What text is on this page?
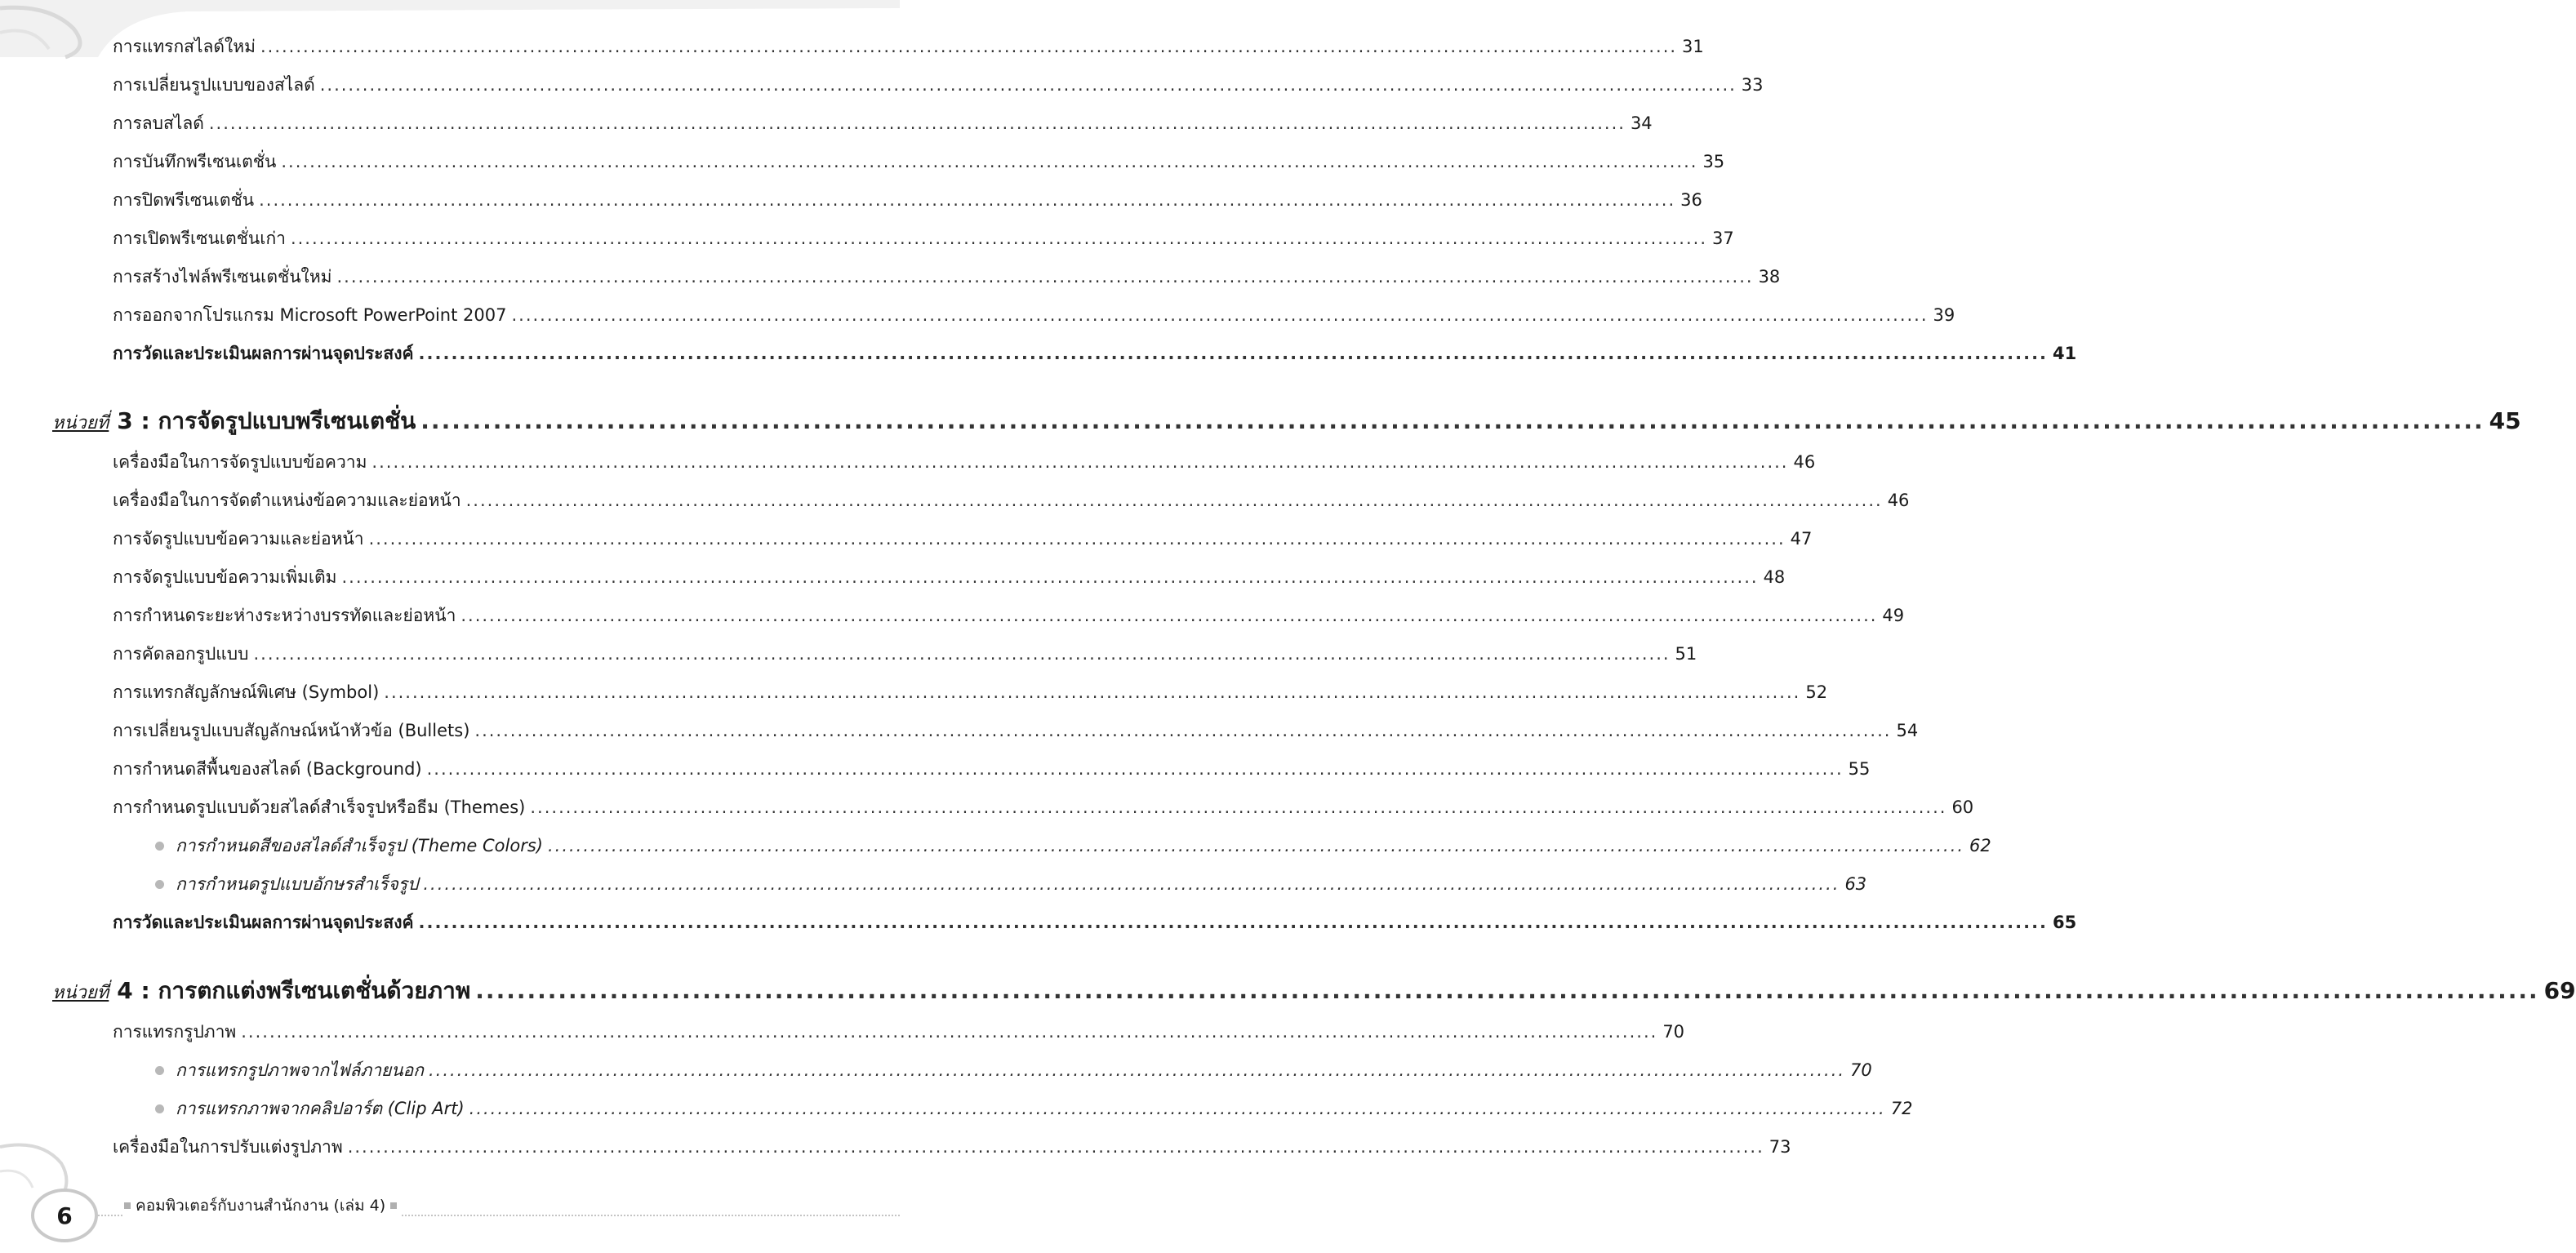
การแทรกสไลด์ใหม่ ........................................................................................................................................................................................................ 31
การเปลี่ยนรูปแบบของสไลด์ ........................................................................................................................................................................................................ 33
การลบสไลด์ ........................................................................................................................................................................................................ 34
การบันทึกพรีเซนเตชั่น ........................................................................................................................................................................................................ 35
การปิดพรีเซนเตชั่น ........................................................................................................................................................................................................ 36
การเปิดพรีเซนเตชั่นเก่า ........................................................................................................................................................................................................ 37
การสร้างไฟล์พรีเซนเตชั่นใหม่ ........................................................................................................................................................................................................ 38
การออกจากโปรแกรม Microsoft PowerPoint 2007 ........................................................................................................................................................................................................ 39
การวัดและประเมินผลการผ่านจุดประสงค์ ........................................................................................................................................................................................................ 41
หน่วยที่ 3 : การจัดรูปแบบพรีเซนเตชั่น ........................................................................................................................................................................................................ 45
เครื่องมือในการจัดรูปแบบข้อความ ........................................................................................................................................................................................................ 46
เครื่องมือในการจัดตำแหน่งข้อความและย่อหน้า ........................................................................................................................................................................................................ 46
การจัดรูปแบบข้อความและย่อหน้า ........................................................................................................................................................................................................ 47
การจัดรูปแบบข้อความเพิ่มเติม ........................................................................................................................................................................................................ 48
การกำหนดระยะห่างระหว่างบรรทัดและย่อหน้า ........................................................................................................................................................................................................ 49
การคัดลอกรูปแบบ ........................................................................................................................................................................................................ 51
การแทรกสัญลักษณ์พิเศษ (Symbol) ........................................................................................................................................................................................................ 52
การเปลี่ยนรูปแบบสัญลักษณ์หน้าหัวข้อ (Bullets) ........................................................................................................................................................................................................ 54
การกำหนดสีพื้นของสไลด์ (Background) ........................................................................................................................................................................................................ 55
การกำหนดรูปแบบด้วยสไลด์สำเร็จรูปหรือธีม (Themes) ........................................................................................................................................................................................................ 60
การกำหนดสีของสไลด์สำเร็จรูป (Theme Colors) ........................................................................................................................................................................................................ 62
การกำหนดรูปแบบอักษรสำเร็จรูป ........................................................................................................................................................................................................ 63
การวัดและประเมินผลการผ่านจุดประสงค์ ........................................................................................................................................................................................................ 65
หน่วยที่ 4 : การตกแต่งพรีเซนเตชั่นด้วยภาพ ........................................................................................................................................................................................................ 69
การแทรกรูปภาพ ........................................................................................................................................................................................................ 70
การแทรกรูปภาพจากไฟล์ภายนอก ........................................................................................................................................................................................................ 70
การแทรกภาพจากคลิปอาร์ต (Clip Art) ........................................................................................................................................................................................................ 72
เครื่องมือในการปรับแต่งรูปภาพ ........................................................................................................................................................................................................ 73
6	คอมพิวเตอร์กับงานสำนักงาน (เล่ม 4)
